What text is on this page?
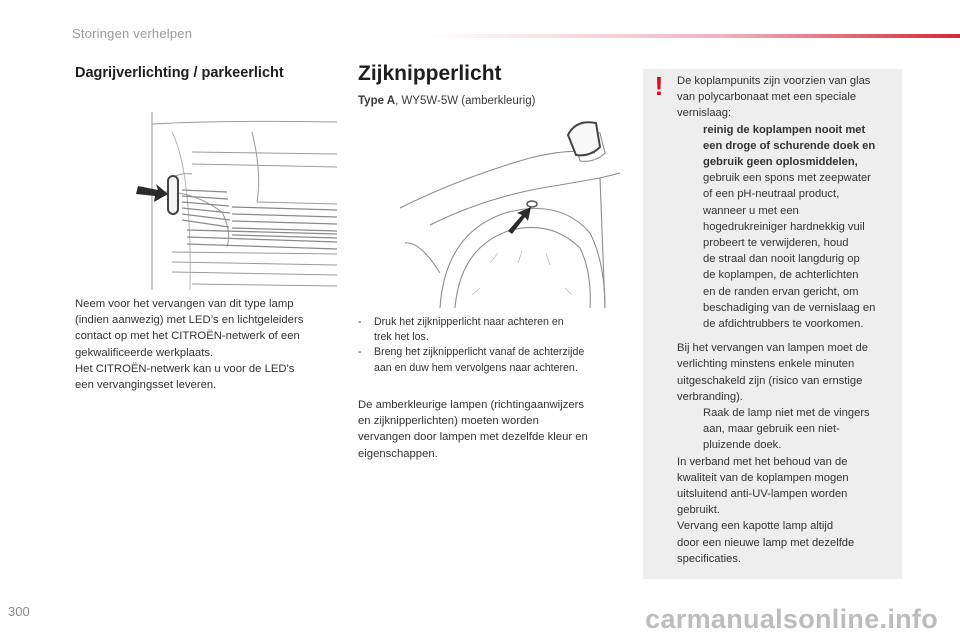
Storingen verhelpen
Dagrijverlichting / parkeerlicht
Neem voor het vervangen van dit type lamp
(indien aanwezig) met LED’s en lichtgeleiders
contact op met het CITROËN-netwerk of een
gekwalificeerde werkplaats.
Het CITROËN-netwerk kan u voor de LED's
een vervangingsset leveren.
Zijknipperlicht
Type A, WY5W-5W (amberkleurig)
- Druk het zijknipperlicht naar achteren en
trek het los.
- Breng het zijknipperlicht vanaf de achterzijde
aan en duw hem vervolgens naar achteren.
De amberkleurige lampen (richtingaanwijzers
en zijknipperlichten) moeten worden
vervangen door lampen met dezelfde kleur en
eigenschappen.
! De koplampunits zijn voorzien van glas
van polycarbonaat met een speciale
vernislaag:
reinig de koplampen nooit met
een droge of schurende doek en
gebruik geen oplosmiddelen,
gebruik een spons met zeepwater
of een pH-neutraal product,
wanneer u met een
hogedrukreiniger hardnekkig vuil
probeert te verwijderen, houd
de straal dan nooit langdurig op
de koplampen, de achterlichten
en de randen ervan gericht, om
beschadiging van de vernislaag en
de afdichtrubbers te voorkomen.
Bij het vervangen van lampen moet de
verlichting minstens enkele minuten
uitgeschakeld zijn (risico van ernstige
verbranding).
Raak de lamp niet met de vingers
aan, maar gebruik een niet-
pluizende doek.
In verband met het behoud van de
kwaliteit van de koplampen mogen
uitsluitend anti-UV-lampen worden
gebruikt.
Vervang een kapotte lamp altijd
door een nieuwe lamp met dezelfde
specificaties.
300	carmanualsonline.info
